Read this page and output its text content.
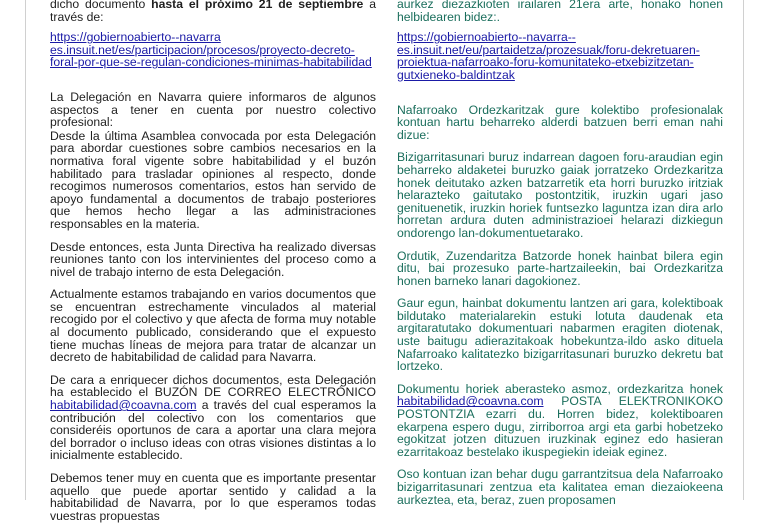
dicho documento hasta el próximo 21 de septiembre a través de:

https://gobiernoabierto--navarra es.insuit.net/es/participacion/procesos/proyecto-decreto-foral-por-que-se-regulan-condiciones-minimas-habitabilidad

La Delegación en Navarra quiere informaros de algunos aspectos a tener en cuenta por nuestro colectivo profesional:

Desde la última Asamblea convocada por esta Delegación para abordar cuestiones sobre cambios necesarios en la normativa foral vigente sobre habitabilidad y el buzón habilitado para trasladar opiniones al respecto, donde recogimos numerosos comentarios, estos han servido de apoyo fundamental a documentos de trabajo posteriores que hemos hecho llegar a las administraciones responsables en la materia.

Desde entonces, esta Junta Directiva ha realizado diversas reuniones tanto con los intervinientes del proceso como a nivel de trabajo interno de esta Delegación.

Actualmente estamos trabajando en varios documentos que se encuentran estrechamente vinculados al material recogido por el colectivo y que afecta de forma muy notable al documento publicado, considerando que el expuesto tiene muchas líneas de mejora para tratar de alcanzar un decreto de habitabilidad de calidad para Navarra.

De cara a enriquecer dichos documentos, esta Delegación ha establecido el BUZÓN DE CORREO ELECTRÓNICO habitabilidad@coavna.com a través del cual esperamos la contribución del colectivo con los comentarios que consideréis oportunos de cara a aportar una clara mejora del borrador o incluso ideas con otras visiones distintas a lo inicialmente establecido.

Debemos tener muy en cuenta que es importante presentar aquello que puede aportar sentido y calidad a la habitabilidad de Navarra, por lo que esperamos todas vuestras propuestas

aurkez diezazkioten irailaren 21era arte, honako honen helbidearen bidez:.

https://gobiernoabierto--navarra--es.insuit.net/eu/partaidetza/prozesuak/foru-dekretuaren-proiektua-nafarroako-foru-komunitateko-etxebizitzetan-gutxieneko-baldintzak

Nafarroako Ordezkaritzak gure kolektibo profesionalak kontuan hartu beharreko alderdi batzuen berri eman nahi dizue:

Bizigarritasunari buruz indarrean dagoen foru-araudian egin beharreko aldaketei buruzko gaiak jorratzeko Ordezkaritza honek deitutako azken batzarretik eta horri buruzko iritziak helarazteko gaitutako postontzitik, iruzkin ugari jaso genituenetik, iruzkin horiek funtsezko laguntza izan dira arlo horretan ardura duten administrazioei helarazi dizkiegun ondorengo lan-dokumentuetarako.

Ordutik, Zuzendaritza Batzorde honek hainbat bilera egin ditu, bai prozesuko parte-hartzaileekin, bai Ordezkaritza honen barneko lanari dagokionez.

Gaur egun, hainbat dokumentu lantzen ari gara, kolektiboak bildutako materialarekin estuki lotuta daudenak eta argitaratutako dokumentuari nabarmen eragiten diotenak, uste baitugu adierazitakoak hobekuntza-ildo asko dituela Nafarroako kalitatezko bizigarritasunari buruzko dekretu bat lortzeko.

Dokumentu horiek aberasteko asmoz, ordezkaritza honek habitabilidad@coavna.com POSTA ELEKTRONIKOKO POSTONTZIA ezarri du. Horren bidez, kolektiboaren ekarpena espero dugu, zirriborroa argi eta garbi hobetzeko egokitzat jotzen dituzuen iruzkinak eginez edo hasieran ezarritakoaz bestelako ikuspegiekin ideiak eginez.

Oso kontuan izan behar dugu garrantzitsua dela Nafarroako bizigarritasunari zentzua eta kalitatea eman diezaiokeena aurkeztea, eta, beraz, zuen proposamen
